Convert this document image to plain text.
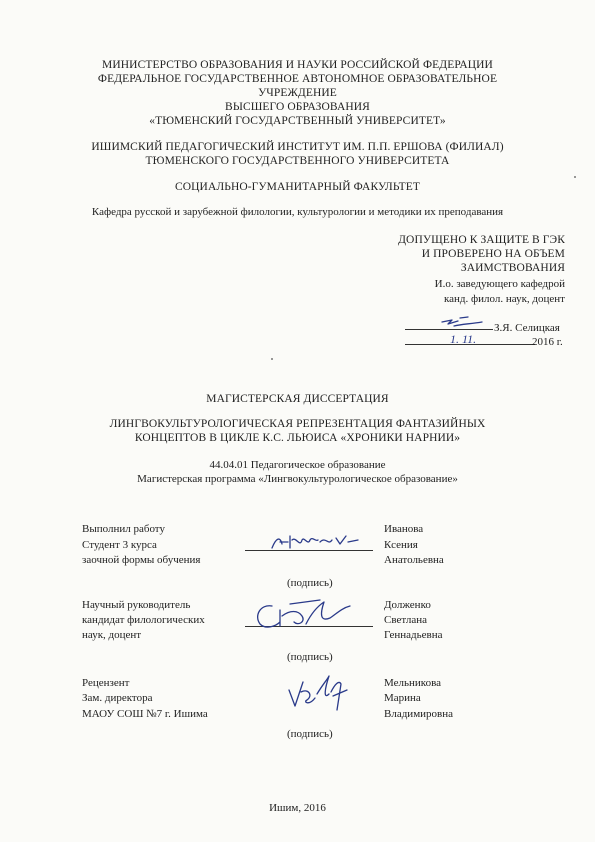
МИНИСТЕРСТВО ОБРАЗОВАНИЯ И НАУКИ РОССИЙСКОЙ ФЕДЕРАЦИИ
ФЕДЕРАЛЬНОЕ ГОСУДАРСТВЕННОЕ АВТОНОМНОЕ ОБРАЗОВАТЕЛЬНОЕ
УЧРЕЖДЕНИЕ
ВЫСШЕГО ОБРАЗОВАНИЯ
«ТЮМЕНСКИЙ ГОСУДАРСТВЕННЫЙ УНИВЕРСИТЕТ»
ИШИМСКИЙ ПЕДАГОГИЧЕСКИЙ ИНСТИТУТ ИМ. П.П. ЕРШОВА (ФИЛИАЛ)
ТЮМЕНСКОГО ГОСУДАРСТВЕННОГО УНИВЕРСИТЕТА
СОЦИАЛЬНО-ГУМАНИТАРНЫЙ ФАКУЛЬТЕТ
Кафедра русской и зарубежной филологии, культурологии и методики их преподавания
ДОПУЩЕНО К ЗАЩИТЕ В ГЭК
И ПРОВЕРЕНО НА ОБЪЕМ
ЗАИМСТВОВАНИЯ
И.о. заведующего кафедрой
канд. филол. наук, доцент
З.Я. Селицкая
1. 11.	2016 г.
МАГИСТЕРСКАЯ ДИССЕРТАЦИЯ
ЛИНГВОКУЛЬТУРОЛОГИЧЕСКАЯ РЕПРЕЗЕНТАЦИЯ ФАНТАЗИЙНЫХ
КОНЦЕПТОВ В ЦИКЛЕ К.С. ЛЬЮИСА «ХРОНИКИ НАРНИИ»
44.04.01 Педагогическое образование
Магистерская программа «Лингвокультурологическое образование»
Выполнил работу
Студент 3 курса
заочной формы обучения
Иванова
Ксения
Анатольевна
(подпись)
Научный руководитель
кандидат филологических
наук, доцент
Долженко
Светлана
Геннадьевна
(подпись)
Рецензент
Зам. директора
МАОУ СОШ №7 г. Ишима
Мельникова
Марина
Владимировна
(подпись)
Ишим, 2016
